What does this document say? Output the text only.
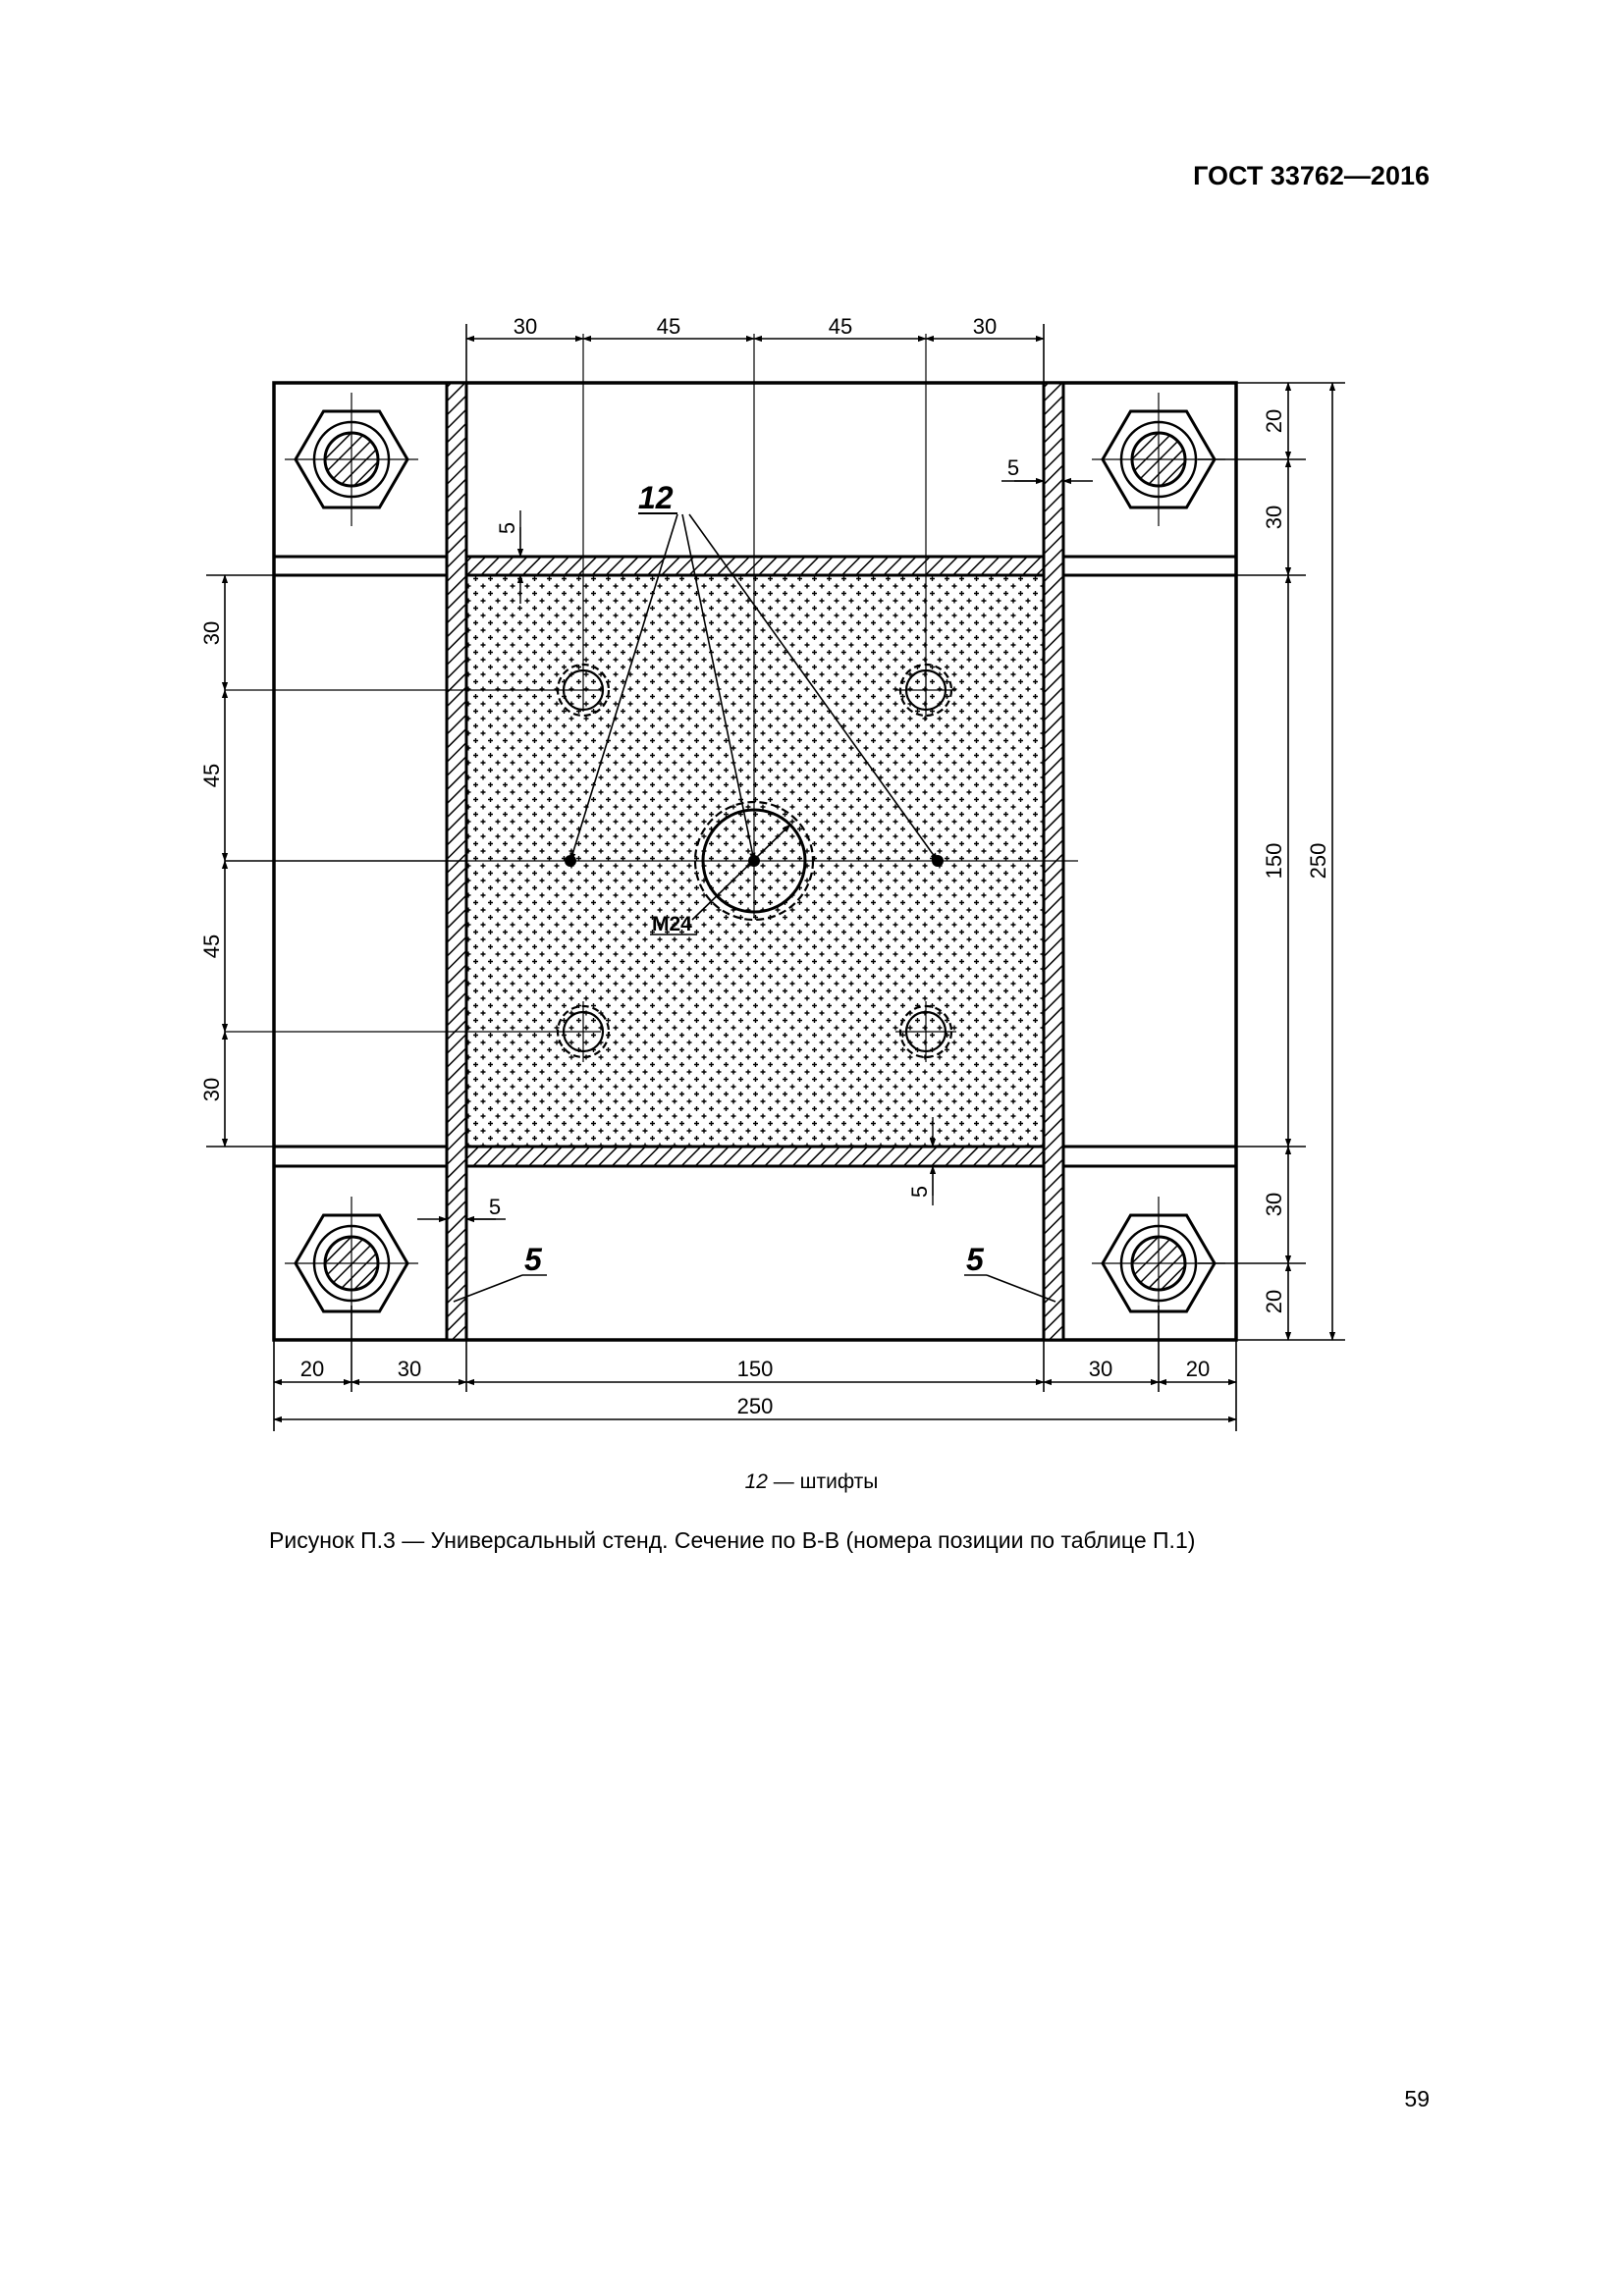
ГОСТ 33762—2016
12
M24
5	5
30	45	45	30
20	30	150	30	20
250
30
45
45
30
20
30
150
30
20
250
5
5
5
5
12 — штифты
Рисунок П.3 — Универсальный стенд. Сечение по В-В (номера позиции по таблице П.1)
59
